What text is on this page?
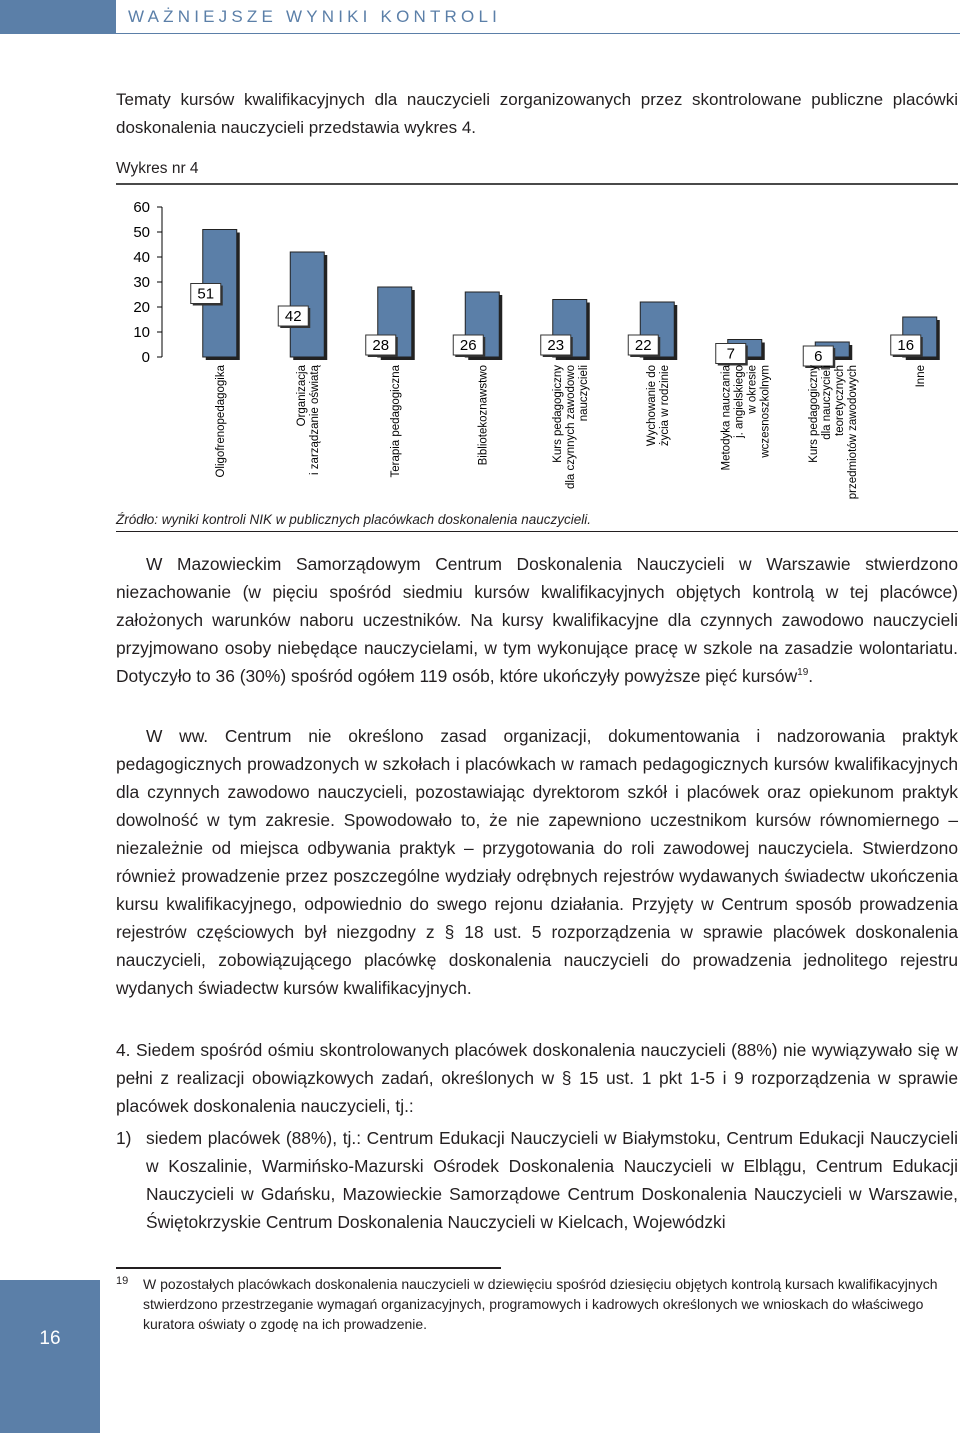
WAŻNIEJSZE WYNIKI KONTROLI

Tematy kursów kwalifikacyjnych dla nauczycieli zorganizowanych przez skontrolowane publiczne placówki doskonalenia nauczycieli przedstawia wykres 4.

Wykres nr 4
0
10
20
30
40
50
60
51
Oligofrenopedagogika
42
Organizacja i zarządzanie oświatą
28
Terapia pedagogiczna
26
Bibliotekoznawstwo
23
Kurs pedagogiczny dla czynnych zawodowo nauczycieli
22
Wychowanie do życia w rodzinie
7
Metodyka nauczania j. angielskiego w okresie wczesnoszkolnym
6
Kurs pedagogiczny dla nauczycieli teoretycznych przedmiotów zawodowych
16
Inne
Źródło: wyniki kontroli NIK w publicznych placówkach doskonalenia nauczycieli.

W Mazowieckim Samorządowym Centrum Doskonalenia Nauczycieli w Warszawie stwierdzono niezachowanie (w pięciu spośród siedmiu kursów kwalifikacyjnych objętych kontrolą w tej placówce) założonych warunków naboru uczestników. Na kursy kwalifikacyjne dla czynnych zawodowo nauczycieli przyjmowano osoby niebędące nauczycielami, w tym wykonujące pracę w szkole na zasadzie wolontariatu. Dotyczyło to 36 (30%) spośród ogółem 119 osób, które ukończyły powyższe pięć kursów$^{19}$.

W ww. Centrum nie określono zasad organizacji, dokumentowania i nadzorowania praktyk pedagogicznych prowadzonych w szkołach i placówkach w ramach pedagogicznych kursów kwalifikacyjnych dla czynnych zawodowo nauczycieli, pozostawiając dyrektorom szkół i placówek oraz opiekunom praktyk dowolność w tym zakresie. Spowodowało to, że nie zapewniono uczestnikom kursów równomiernego – niezależnie od miejsca odbywania praktyk – przygotowania do roli zawodowej nauczyciela. Stwierdzono również prowadzenie przez poszczególne wydziały odrębnych rejestrów wydawanych świadectw ukończenia kursu kwalifikacyjnego, odpowiednio do swego rejonu działania. Przyjęty w Centrum sposób prowadzenia rejestrów częściowych był niezgodny z § 18 ust. 5 rozporządzenia w sprawie placówek doskonalenia nauczycieli, zobowiązującego placówkę doskonalenia nauczycieli do prowadzenia jednolitego rejestru wydanych świadectw kursów kwalifikacyjnych.

4. Siedem spośród ośmiu skontrolowanych placówek doskonalenia nauczycieli (88%) nie wywiązywało się w pełni z realizacji obowiązkowych zadań, określonych w § 15 ust. 1 pkt 1-5 i 9 rozporządzenia w sprawie placówek doskonalenia nauczycieli, tj.:

1) siedem placówek (88%), tj.: Centrum Edukacji Nauczycieli w Białymstoku, Centrum Edukacji Nauczycieli w Koszalinie, Warmińsko-Mazurski Ośrodek Doskonalenia Nauczycieli w Elblągu, Centrum Edukacji Nauczycieli w Gdańsku, Mazowieckie Samorządowe Centrum Doskonalenia Nauczycieli w Warszawie, Świętokrzyskie Centrum Doskonalenia Nauczycieli w Kielcach, Wojewódzki

16
19 W pozostałych placówkach doskonalenia nauczycieli w dziewięciu spośród dziesięciu objętych kontrolą kursach kwalifikacyjnych stwierdzono przestrzeganie wymagań organizacyjnych, programowych i kadrowych określonych we wnioskach do właściwego kuratora oświaty o zgodę na ich prowadzenie.
